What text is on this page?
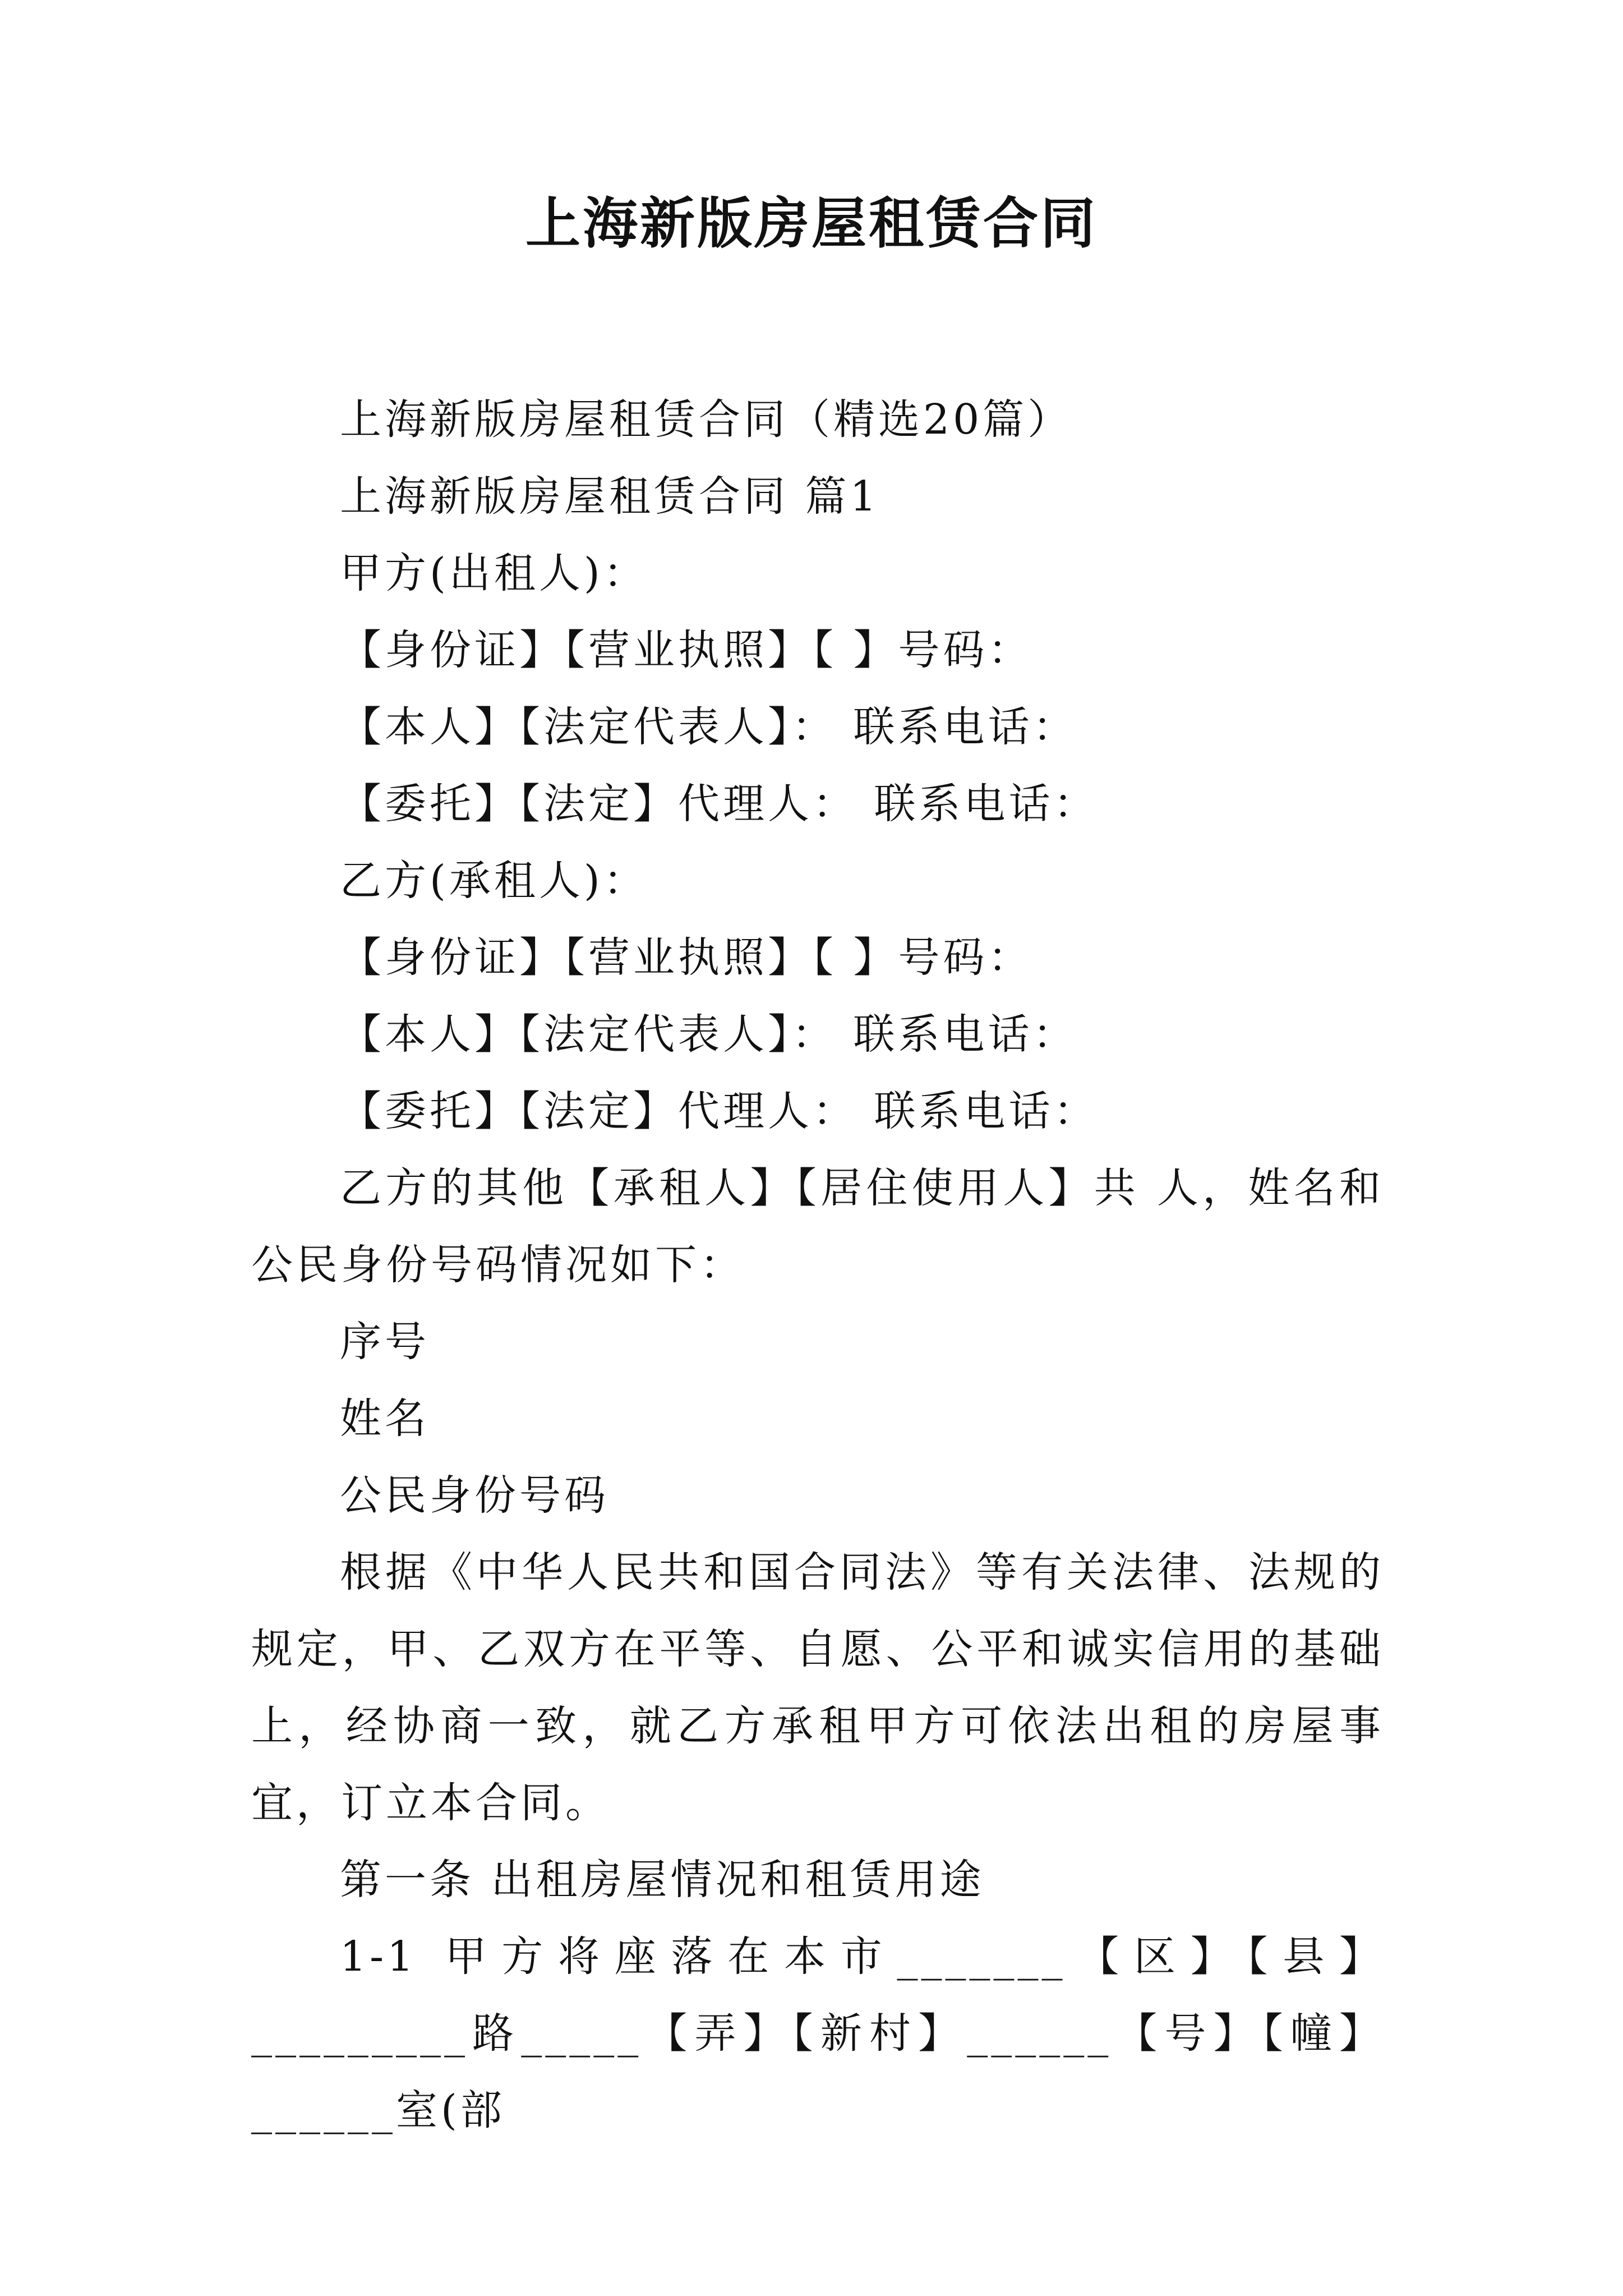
上海新版房屋租赁合同

上海新版房屋租赁合同（精选20篇）

上海新版房屋租赁合同 篇1

甲方(出租人)：

【身份证】【营业执照】【 】号码：

【本人】【法定代表人】： 联系电话：

【委托】【法定】代理人： 联系电话：

乙方(承租人)：

【身份证】【营业执照】【 】号码：

【本人】【法定代表人】： 联系电话：

【委托】【法定】代理人： 联系电话：

乙方的其他【承租人】【居住使用人】共 人，姓名和公民身份号码情况如下：

序号

姓名

公民身份号码

根据《中华人民共和国合同法》等有关法律、法规的规定，甲、乙双方在平等、自愿、公平和诚实信用的基础上，经协商一致，就乙方承租甲方可依法出租的房屋事宜，订立本合同。

第一条 出租房屋情况和租赁用途

1-1 甲方将座落在本市_______【区】【县】_________路_____【弄】【新村】______【号】【幢】______室(部
